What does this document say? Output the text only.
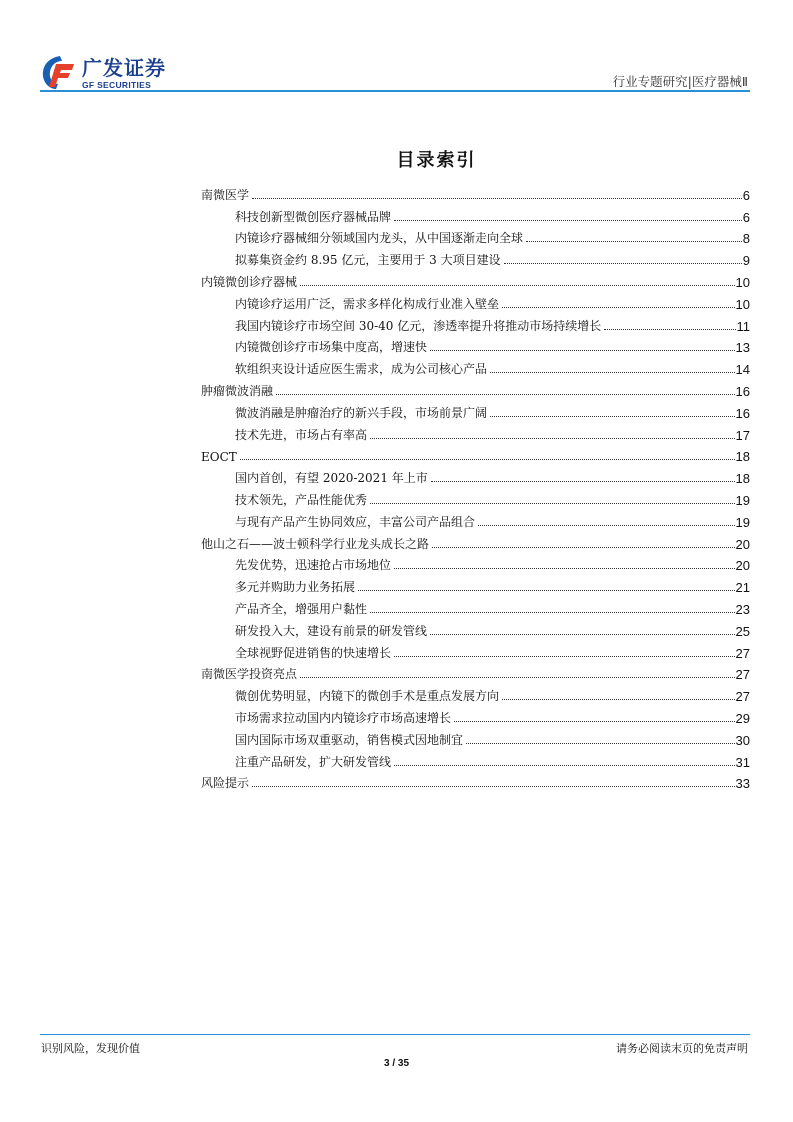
广发证券
GF SECURITIES	行业专题研究|医疗器械Ⅱ
目录索引
南微医学	6
科技创新型微创医疗器械品牌	6
内镜诊疗器械细分领域国内龙头，从中国逐渐走向全球	8
拟募集资金约 8.95 亿元，主要用于 3 大项目建设	9
内镜微创诊疗器械	10
内镜诊疗运用广泛，需求多样化构成行业准入壁垒	10
我国内镜诊疗市场空间 30-40 亿元，渗透率提升将推动市场持续增长	11
内镜微创诊疗市场集中度高，增速快	13
软组织夹设计适应医生需求，成为公司核心产品	14
肿瘤微波消融	16
微波消融是肿瘤治疗的新兴手段，市场前景广阔	16
技术先进，市场占有率高	17
EOCT	18
国内首创，有望 2020-2021 年上市	18
技术领先，产品性能优秀	19
与现有产品产生协同效应，丰富公司产品组合	19
他山之石——波士顿科学行业龙头成长之路	20
先发优势，迅速抢占市场地位	20
多元并购助力业务拓展	21
产品齐全，增强用户黏性	23
研发投入大，建设有前景的研发管线	25
全球视野促进销售的快速增长	27
南微医学投资亮点	27
微创优势明显，内镜下的微创手术是重点发展方向	27
市场需求拉动国内内镜诊疗市场高速增长	29
国内国际市场双重驱动，销售模式因地制宜	30
注重产品研发，扩大研发管线	31
风险提示	33
识别风险，发现价值	请务必阅读末页的免责声明
3 / 35
